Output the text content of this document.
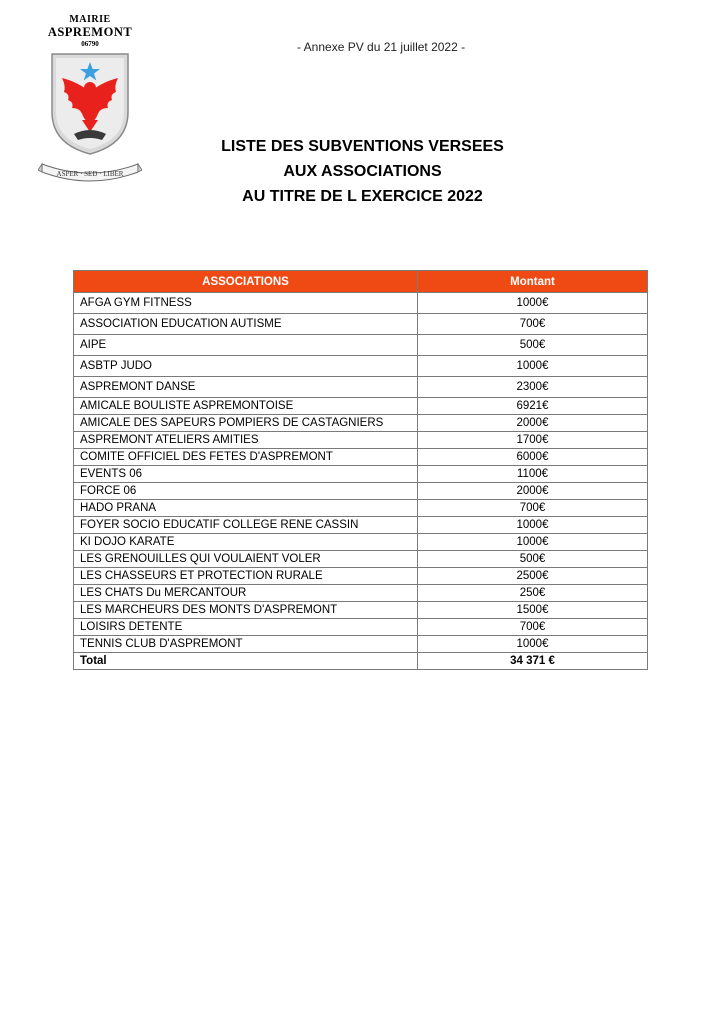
MAIRIE
ASPREMONT
06790
ASPER · SED · LIBER
- Annexe PV du 21 juillet 2022 -
LISTE DES SUBVENTIONS VERSEES
AUX ASSOCIATIONS
AU TITRE DE L EXERCICE 2022
ASSOCIATIONS	Montant
AFGA GYM FITNESS	1000€
ASSOCIATION EDUCATION AUTISME	700€
AIPE	500€
ASBTP JUDO	1000€
ASPREMONT DANSE	2300€
AMICALE BOULISTE ASPREMONTOISE	6921€
AMICALE DES SAPEURS POMPIERS DE CASTAGNIERS	2000€
ASPREMONT ATELIERS AMITIES	1700€
COMITE OFFICIEL DES FETES D'ASPREMONT	6000€
EVENTS 06	1100€
FORCE 06	2000€
HADO PRANA	700€
FOYER SOCIO EDUCATIF COLLEGE RENE CASSIN	1000€
KI DOJO KARATE	1000€
LES GRENOUILLES QUI VOULAIENT VOLER	500€
LES CHASSEURS ET PROTECTION RURALE	2500€
LES CHATS Du MERCANTOUR	250€
LES MARCHEURS DES MONTS D'ASPREMONT	1500€
LOISIRS DETENTE	700€
TENNIS CLUB D'ASPREMONT	1000€
Total	34 371 €
